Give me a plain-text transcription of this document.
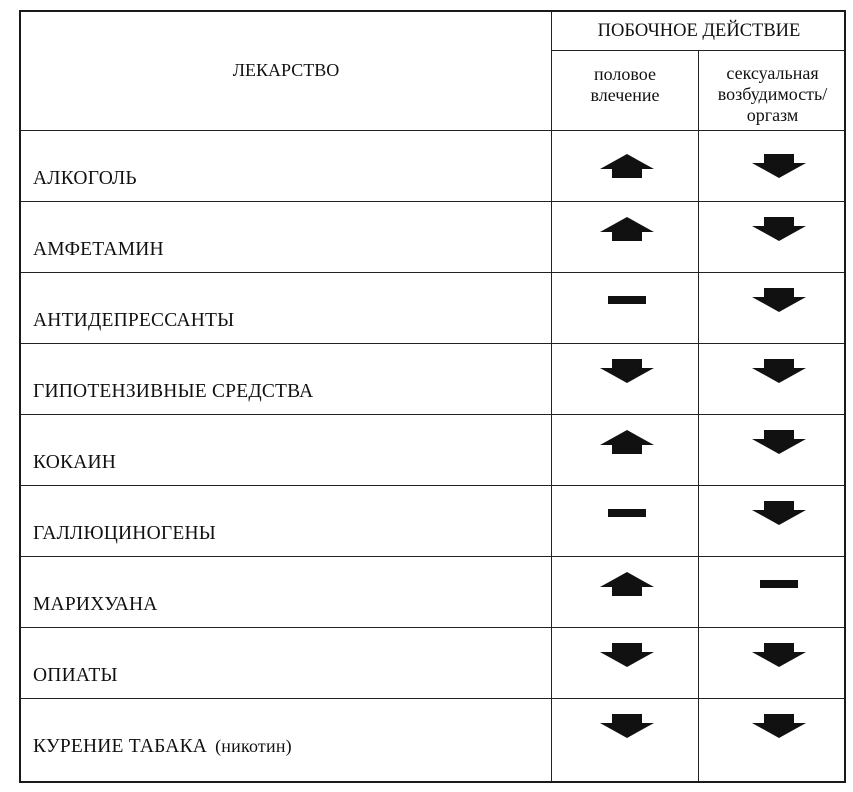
ЛЕКАРСТВО
ПОБОЧНОЕ ДЕЙСТВИЕ
половое
влечение
сексуальная
возбудимость/
оргазм
АЛКОГОЛЬ
АМФЕТАМИН
АНТИДЕПРЕССАНТЫ
ГИПОТЕНЗИВНЫЕ СРЕДСТВА
КОКАИН
ГАЛЛЮЦИНОГЕНЫ
МАРИХУАНА
ОПИАТЫ
КУРЕНИЕ ТАБАКА (никотин)
